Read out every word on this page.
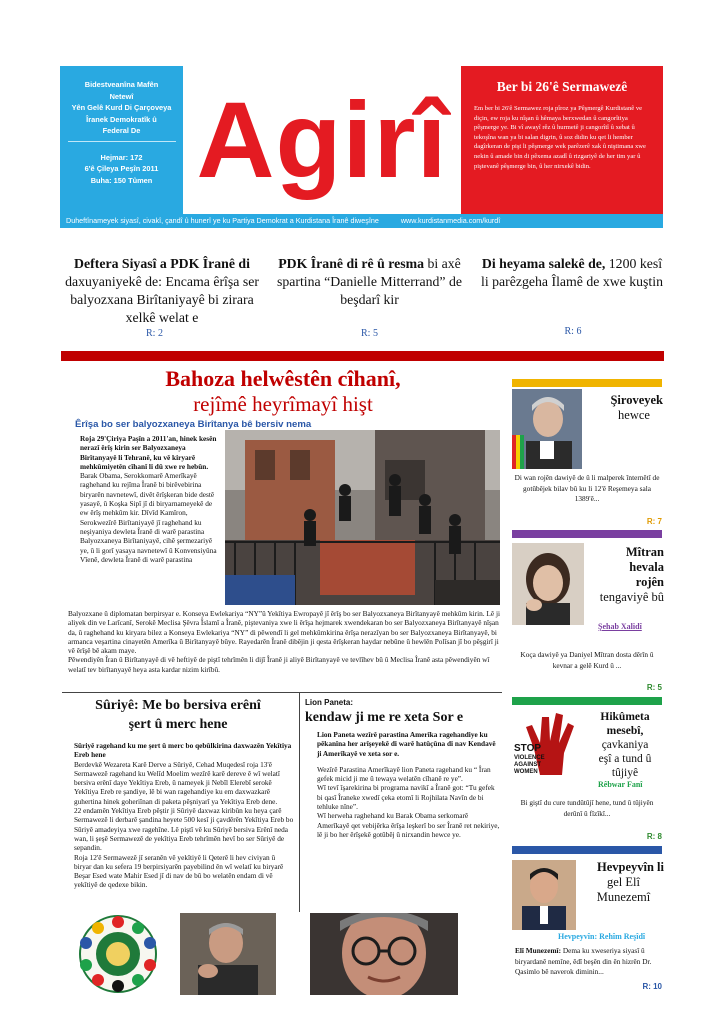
Bidestveanîna Mafên
Netewî
Yên Gelê Kurd Di Çarçoveya
Îranek Demokratîk û
Federal De
Hejmar: 172
6'ê Çileya Peşîn 2011
Buha: 150 Tûmen Agirî	Ber bi 26'ê Sermawezê
Em ber bi 26'ê Sermawez roja pîroz ya Pêşmergê Kurdistanê ve diçin, ew roja ku nîşan û hêmaya berxwedan û cangorîtiya pêşmerge ye. Bi vî awayî rêz û hurmetê ji cangorîtî û xebat û tekoşîna wan ya bi salan digrin, û soz didin ku qet li hember dagîrkeran de pişt li pêşmerge wek parêzerê xak û niştimana xwe nekin û amade bin di pêxema azadî û rizgariyê de her tim yar û piştevanê pêşmerge bin, û her nirxekê bidin.
Duheftînameyek siyasî, civakî, çandî û hunerî ye ku Partiya Demokrat a Kurdistana Îranê diweşîne	www.kurdistanmedia.com/kurdî
Deftera Siyasî a PDK Îranê di daxuyaniyekê de: Encama êrîşa ser balyozxana Birîtaniyayê bi zirara xelkê welat e
R: 2
PDK Îranê di rê û resma bi axê spartina “Danielle Mitterrand” de beşdarî kir
R: 5
Di heyama salekê de, 1200 kesî li parêzgeha Îlamê de xwe kuştin
R: 6
Bahoza helwêstên cîhanî,
rejîmê heyrîmayî hişt
Êrîşa bo ser balyozxaneya Birîtanya bê bersiv nema
Roja 29'Çiriya Paşîn a 2011'an, hinek kesên nerazî êrîş kirin ser Balyozxaneya Birîtanyayê li Tehranê, ku vê kiryarê mehkûmiyetên cîhanî li dû xwe re hebûn.
Barak Obama, Serokkomarê Amerîkayê raghehand ku rejîma Îranê bi birêvebirina biryarên navnetewî, divêt êrîşkeran bide destê yasayê, û Koşka Sipî jî di biryarnameyekê de ew êrîş mehkûm kir. Dîvîd Kamîron, Serokwezîrê Birîtaniyayê jî raghehand ku neşiyaniya dewleta Îranê di warê parastina Balyozxaneya Birîtaniyayê, cihê şermezariyê ye, û li gorî yasaya navnetewî û Konvensiyûna Vîenê, dewleta Îranê di warê parastina
Balyozxane û diplomatan berpirsyar e. Konseya Ewlekariya “NY”û Yekîtiya Ewropayê jî êrîş bo ser Balyozxaneya Birîtanyayê mehkûm kirin. Lê ji aliyek din ve Larîcanî, Serokê Meclisa Şêvra Îslamî a Îranê, piştevaniya xwe li êrîşa hejmarek xwendekaran bo ser Balyozxaneya Birîtanyayê nîşan da, û raghehand ku kiryara bilez a Konseya Ewlekariya “NY” di pêwendî li gel mehkûmkirina êrîşa nerazîyan bo ser Balyozxaneya Birîtanyayê, bi armanca veşartina cinayetên Amerîka û Birîtanyayê bûye. Rayedarên Îranê dibêjin ji qesta êrîşkeran haydar nebûne û hewlên Polîsan jî bo pêşgirî ji vê êrîşê bê akam maye.
Pêwendiyên Îran û Birîtanyayê di vê heftiyê de piştî tehrîmên li dijî Îranê ji aliyê Birîtanyayê ve tevlîhev bû û Meclisa Îranê asta pêwendiyên wî welatî tev birîtanyayê heya asta kardar nizim kirîbû.
Şiroveyek
hewce
Di wan rojên dawiyê de û li malperek înternêtî de gotûbêjek bilav bû ku li 12'ê Reşemeya sala 1389'ê...
R: 7
Mîtran hevala
rojên
tengaviyê bû
Şehab Xalidî
Koça dawiyê ya Daniyel Mîtran dosta dêrîn û kevnar a gelê Kurd û ...
R: 5
STOP
VIOLENCE
AGAINST
WOMEN
Hikûmeta
mesebî,
çavkaniya
eşî a tund û
tûjiyê
Rêbwar Fanî
Bi giştî du cure tundûtûjî hene, tund û tûjiyên derûnî û fîzîkî...
R: 8
Hevpeyvîn li
gel Elî
Munezemî
Hevpeyvîn: Rehîm Reşîdî
Elî Munezemî: Dema ku xweseriya siyasî û biryardanê nemîne, êdî beşên din ên hizrên Dr. Qasimlo bê naverok diminin...
R: 10
Sûriyê: Me bo bersiva erênî
şert û merc hene
Sûriyê ragehand ku me şert û merc bo qebûlkirina daxwazên Yekîtiya Ereb hene
Berdevkê Wezareta Karê Derve a Sûriyê, Cehad Muqedesî roja 13'ê Sermawezê ragehand ku Welîd Moelim wezîrê karê dereve ê wî welatî bersiva erênî daye Yekîtiya Ereb, û nameyek ji Nebîl Elerebî serokê Yekîtiya Ereb re şandiye, lê bi wan ragehandiye ku em daxwazkarê guhertina hinek goheriînan di paketa pêşniyarî ya Yekîtiya Ereb dene.
22 endamên Yekîtiya Ereb pêştir ji Sûriyê daxwaz kiribûn ku heya çarê Sermawezê li derbarê şandina heyete 500 kesî ji çavdêrên Yekîtiya Ereb bo Sûriyê amadeyiya xwe ragehîne. Lê piştî vê ku Sûriyê bersiva Erênî neda wan, li şeşê Sermawezê de yekîtiya Ereb tehrîmên hevî bo ser Sûriyê de sepandin.
Roja 12'ê Sermawezê jî seranên vê yekîtiyê li Qeterê li hev civiyan û biryar dan ku sefera 19 berpirsiyarên payebilind ên wî welatî ku biryarê Beşar Esed wate Mahir Esed jî di nav de bû bo welatên endam di vê yekîtiyê de qedexe bikin.
Lion Paneta:
kendaw ji me re xeta Sor e
Lion Paneta wezîrê parastina Amerîka ragehandiye ku pêkanîna her arîşeyekê di warê hatûçûna di nav Kendavê ji Amerîkayê ve xeta sor e.
Wezîrê Parastina Amerîkayê lion Paneta ragehand ku “ Îran gefek micid ji me û tewaya welatên cîhanê re ye”.
Wî tevî îşarekirina bi programa navikî a Îranê got: “Tu gefek bi qasî Îraneke xwedî çeka etomî li Rojhilata Navîn de bi tehluke nîne”.
Wî herweha raghehand ku Barak Obama serkomarê Amerîkayê qet vebijêrka êrîşa leşkerî bo ser Îranê ret nekiriye, lê ji bo her êrîşekê gotûbêj û nirxandin hewce ye.
